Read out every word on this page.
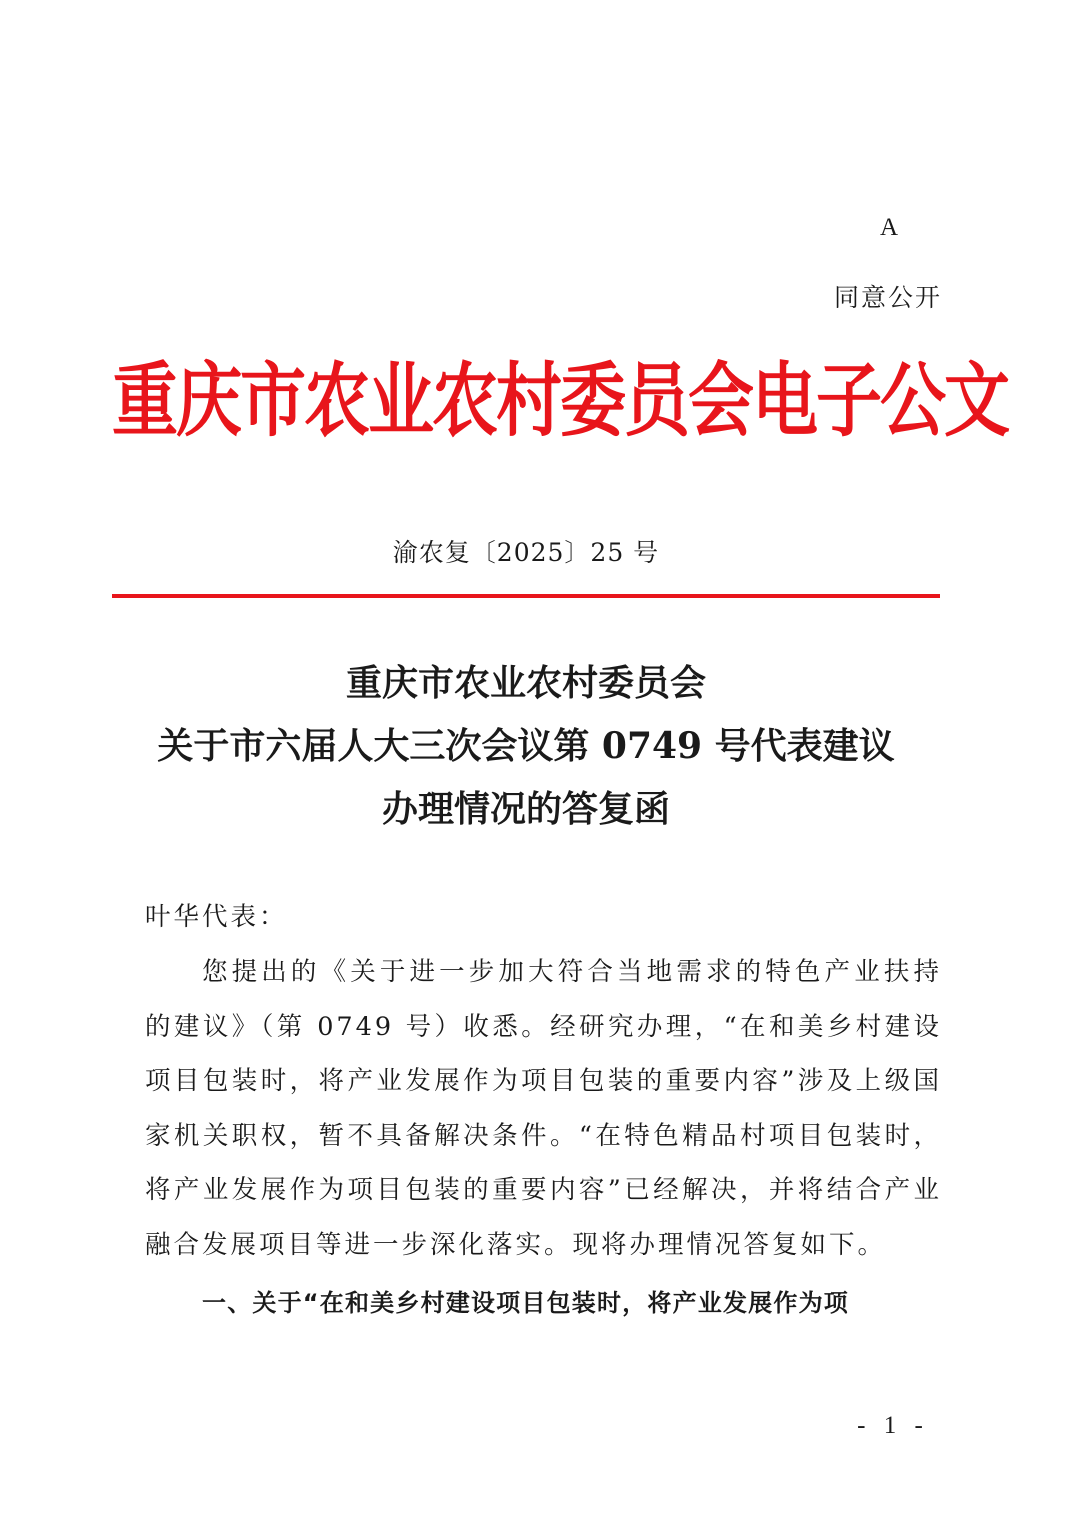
A
同意公开
重庆市农业农村委员会电子公文
渝农复〔2025〕25 号
重庆市农业农村委员会
关于市六届人大三次会议第 0749 号代表建议
办理情况的答复函
叶华代表：
您提出的《关于进一步加大符合当地需求的特色产业扶持的建议》（第 0749 号）收悉。经研究办理，“在和美乡村建设项目包装时，将产业发展作为项目包装的重要内容”涉及上级国家机关职权，暂不具备解决条件。“在特色精品村项目包装时，将产业发展作为项目包装的重要内容”已经解决，并将结合产业融合发展项目等进一步深化落实。现将办理情况答复如下。
一、关于“在和美乡村建设项目包装时，将产业发展作为项
- 1 -
